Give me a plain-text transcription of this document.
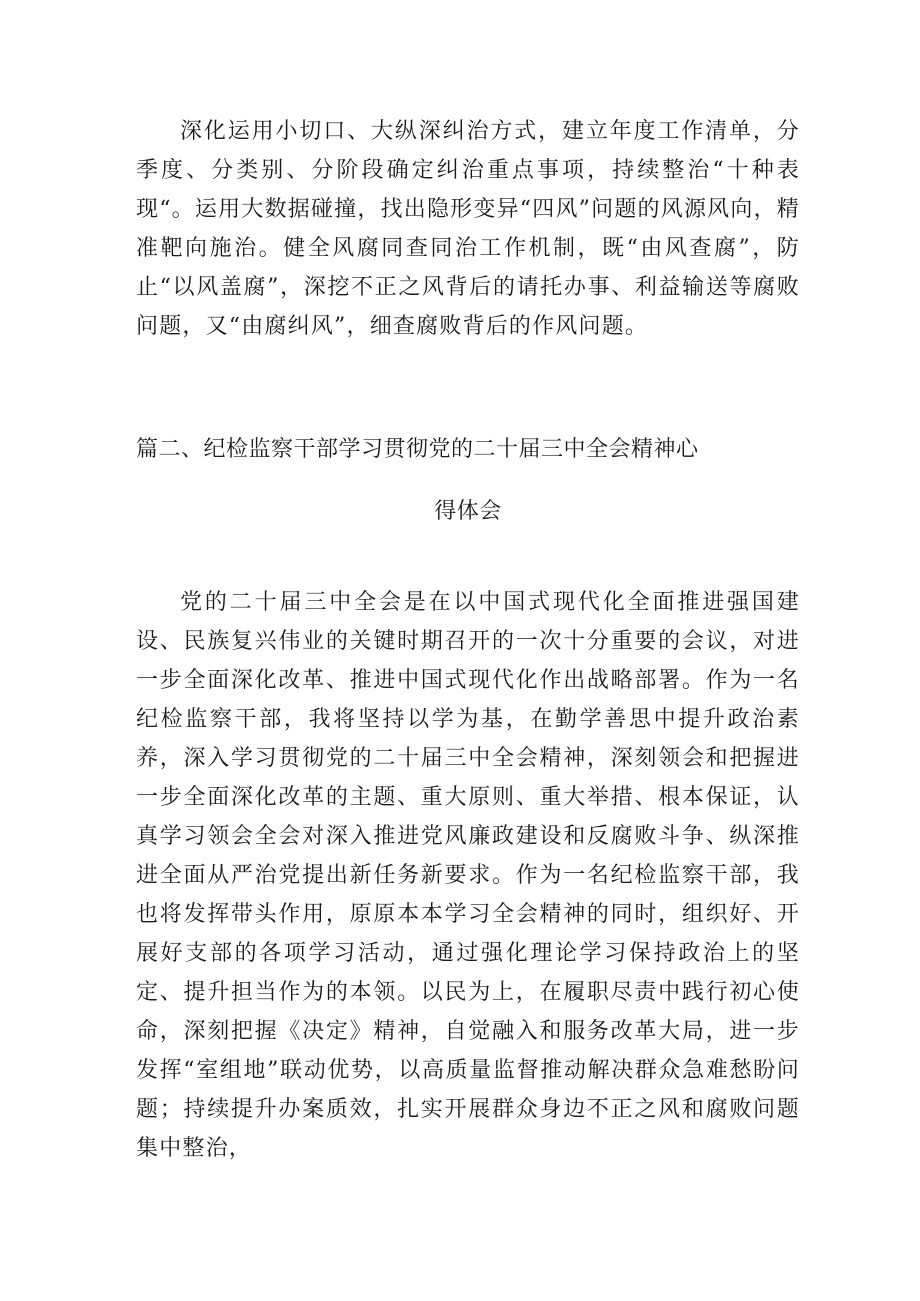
深化运用小切口、大纵深纠治方式，建立年度工作清单，分季度、分类别、分阶段确定纠治重点事项，持续整治“十种表现“。运用大数据碰撞，找出隐形变异“四风”问题的风源风向，精准靶向施治。健全风腐同查同治工作机制，既“由风查腐”，防止“以风盖腐”，深挖不正之风背后的请托办事、利益输送等腐败问题，又“由腐纠风”，细查腐败背后的作风问题。

篇二、纪检监察干部学习贯彻党的二十届三中全会精神心
得体会

党的二十届三中全会是在以中国式现代化全面推进强国建设、民族复兴伟业的关键时期召开的一次十分重要的会议，对进一步全面深化改革、推进中国式现代化作出战略部署。作为一名纪检监察干部，我将坚持以学为基，在勤学善思中提升政治素养，深入学习贯彻党的二十届三中全会精神，深刻领会和把握进一步全面深化改革的主题、重大原则、重大举措、根本保证，认真学习领会全会对深入推进党风廉政建设和反腐败斗争、纵深推进全面从严治党提出新任务新要求。作为一名纪检监察干部，我也将发挥带头作用，原原本本学习全会精神的同时，组织好、开展好支部的各项学习活动，通过强化理论学习保持政治上的坚定、提升担当作为的本领。以民为上，在履职尽责中践行初心使命，深刻把握《决定》精神，自觉融入和服务改革大局，进一步发挥“室组地”联动优势，以高质量监督推动解决群众急难愁盼问题；持续提升办案质效，扎实开展群众身边不正之风和腐败问题集中整治，
